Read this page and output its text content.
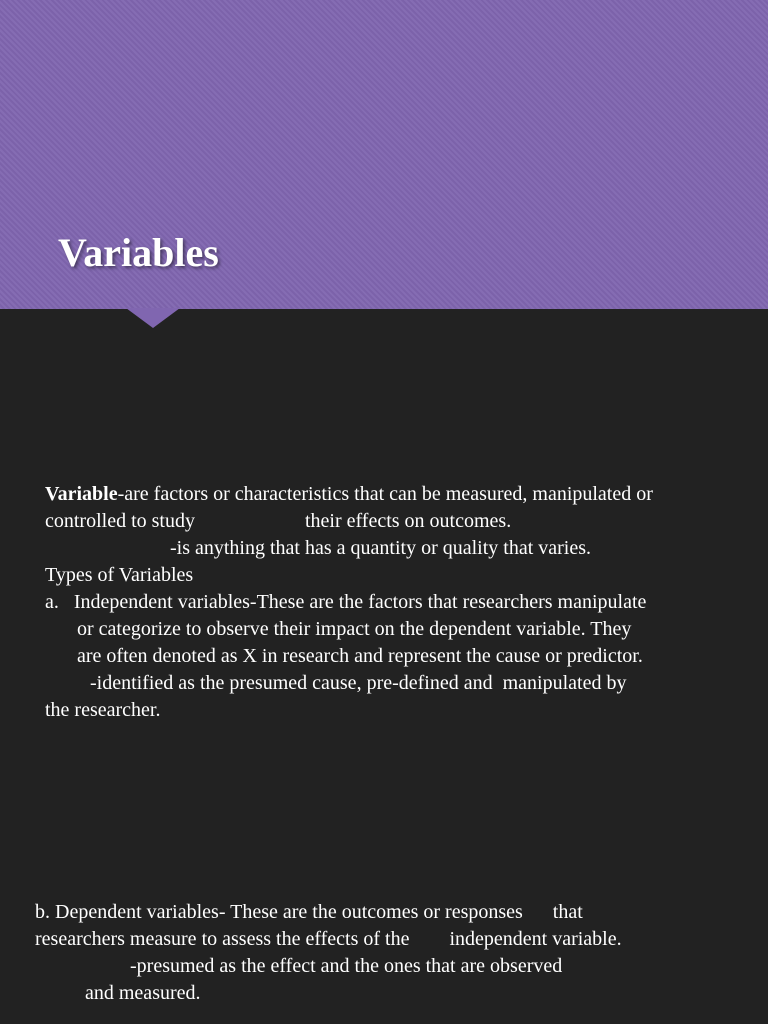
Variables
Variable-are factors or characteristics that can be measured, manipulated or
controlled to study                      their effects on outcomes.
-is anything that has a quantity or quality that varies.
Types of Variables
a. Independent variables-These are the factors that researchers manipulate
or categorize to observe their impact on the dependent variable. They
are often denoted as X in research and represent the cause or predictor.
-identified as the presumed cause, pre-defined and  manipulated by
the researcher.
b. Dependent variables- These are the outcomes or responses      that
researchers measure to assess the effects of the        independent variable.
-presumed as the effect and the ones that are observed
and measured.
